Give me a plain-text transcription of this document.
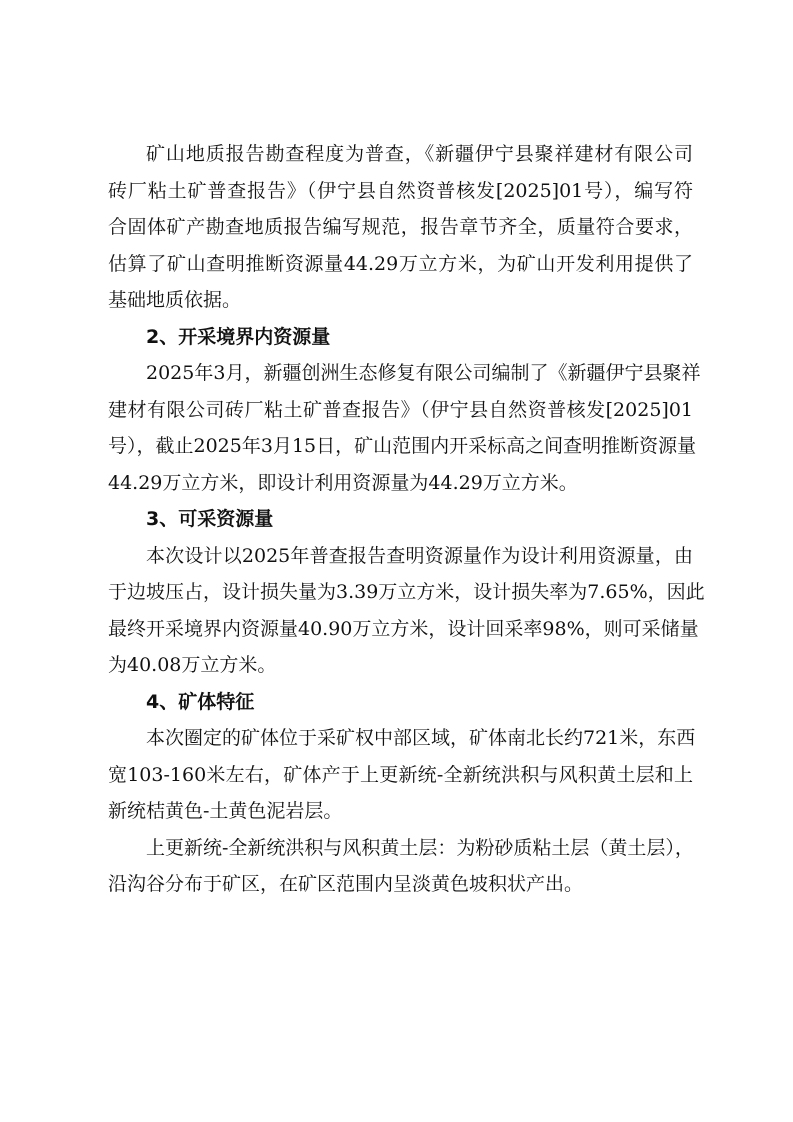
矿山地质报告勘查程度为普查，《新疆伊宁县聚祥建材有限公司
砖厂粘土矿普查报告》（伊宁县自然资普核发[2025]01号），编写符
合固体矿产勘查地质报告编写规范，报告章节齐全，质量符合要求，
估算了矿山查明推断资源量44.29万立方米，为矿山开发利用提供了
基础地质依据。
2、开采境界内资源量
2025年3月，新疆创洲生态修复有限公司编制了《新疆伊宁县聚祥
建材有限公司砖厂粘土矿普查报告》（伊宁县自然资普核发[2025]01
号），截止2025年3月15日，矿山范围内开采标高之间查明推断资源量
44.29万立方米，即设计利用资源量为44.29万立方米。
3、可采资源量
本次设计以2025年普查报告查明资源量作为设计利用资源量，由
于边坡压占，设计损失量为3.39万立方米，设计损失率为7.65%，因此
最终开采境界内资源量40.90万立方米，设计回采率98%，则可采储量
为40.08万立方米。
4、矿体特征
本次圈定的矿体位于采矿权中部区域，矿体南北长约721米，东西
宽103-160米左右，矿体产于上更新统-全新统洪积与风积黄土层和上
新统桔黄色-土黄色泥岩层。
上更新统-全新统洪积与风积黄土层：为粉砂质粘土层（黄土层），
沿沟谷分布于矿区，在矿区范围内呈淡黄色坡积状产出。
